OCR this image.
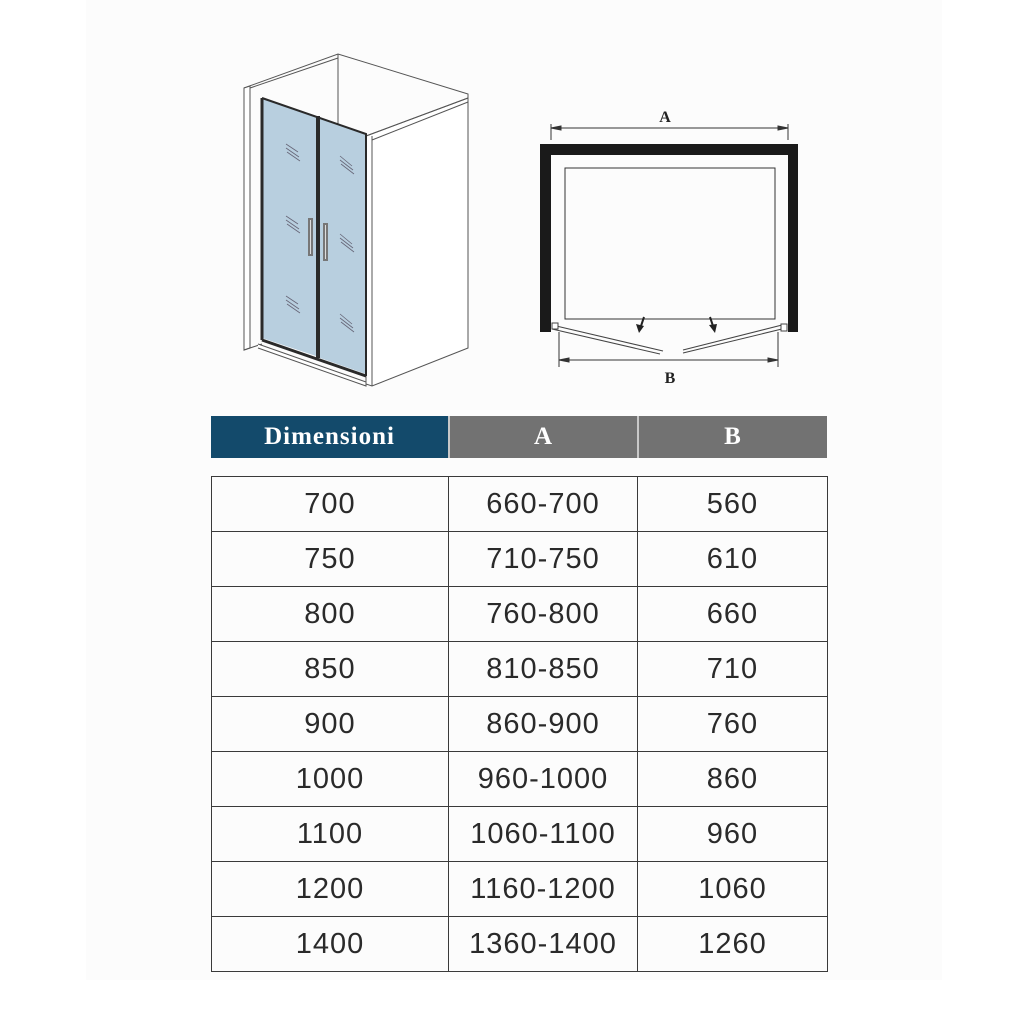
A
B
Dimensioni	A	B
700	660-700	560
750	710-750	610
800	760-800	660
850	810-850	710
900	860-900	760
1000	960-1000	860
1100	1060-1100	960
1200	1160-1200	1060
1400	1360-1400	1260
